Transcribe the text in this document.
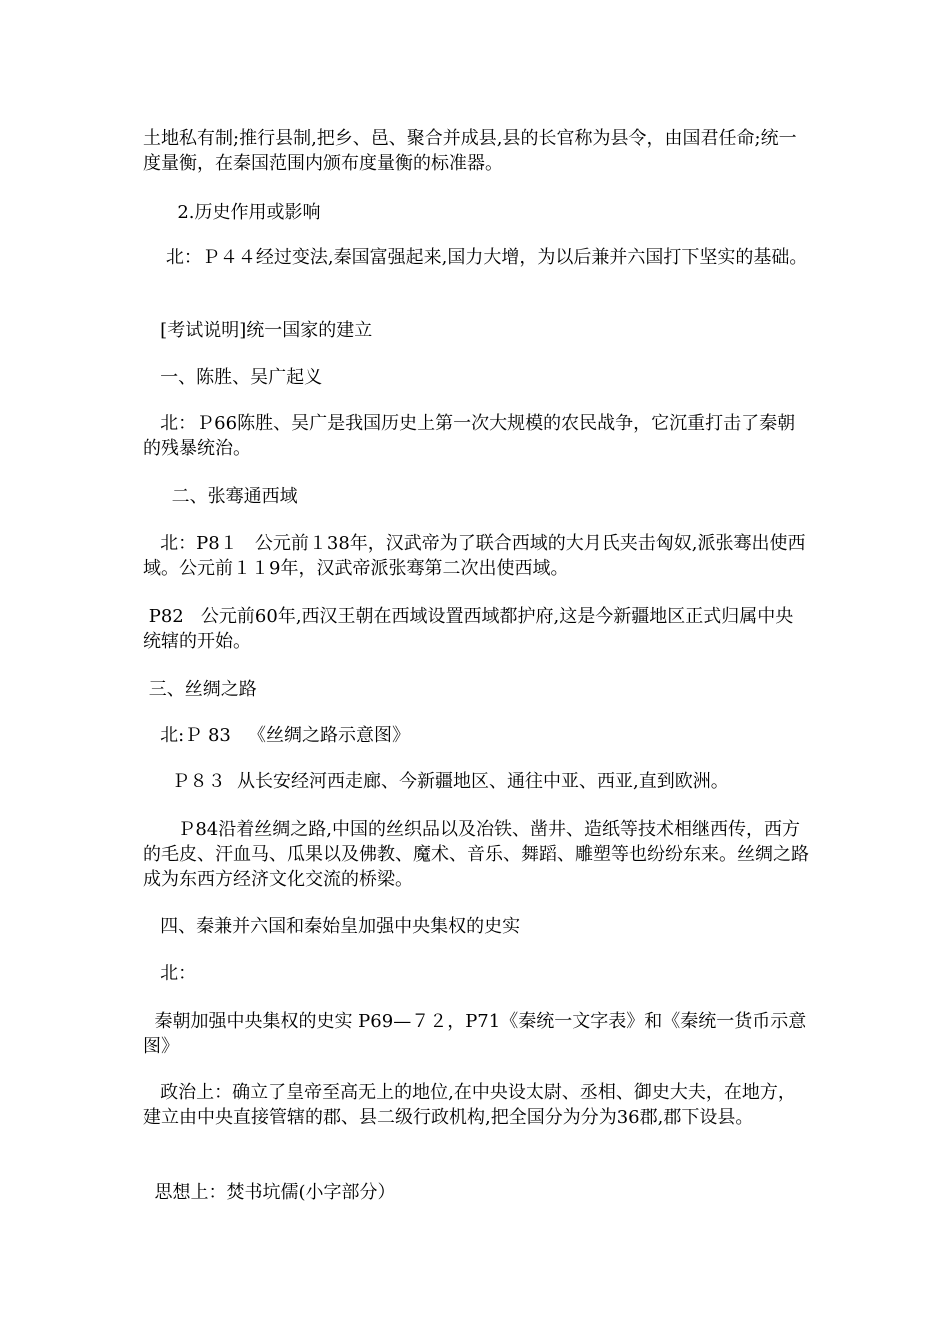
土地私有制;推行县制,把乡、邑、聚合并成县,县的长官称为县令，由国君任命;统一度量衡，在秦国范围内颁布度量衡的标准器。

2.历史作用或影响

北：Ｐ４４经过变法,秦国富强起来,国力大增，为以后兼并六国打下坚实的基础。

[考试说明]统一国家的建立

一、陈胜、吴广起义

北：Ｐ66陈胜、吴广是我国历史上第一次大规模的农民战争，它沉重打击了秦朝的残暴统治。

二、张骞通西域

北：P8１   公元前１38年，汉武帝为了联合西域的大月氏夹击匈奴,派张骞出使西域。公元前１１9年，汉武帝派张骞第二次出使西域。

P82   公元前60年,西汉王朝在西域设置西域都护府,这是今新疆地区正式归属中央统辖的开始。

三、丝绸之路

北:Ｐ 83   《丝绸之路示意图》

Ｐ８３  从长安经河西走廊、今新疆地区、通往中亚、西亚,直到欧洲。

Ｐ84沿着丝绸之路,中国的丝织品以及冶铁、凿井、造纸等技术相继西传，西方的毛皮、汗血马、瓜果以及佛教、魔术、音乐、舞蹈、雕塑等也纷纷东来。丝绸之路成为东西方经济文化交流的桥梁。

四、秦兼并六国和秦始皇加强中央集权的史实

北：

秦朝加强中央集权的史实 P69—７２，P71《秦统一文字表》和《秦统一货币示意图》

政治上：确立了皇帝至高无上的地位,在中央设太尉、丞相、御史大夫，在地方，建立由中央直接管辖的郡、县二级行政机构,把全国分为分为36郡,郡下设县。

思想上：焚书坑儒(小字部分）
